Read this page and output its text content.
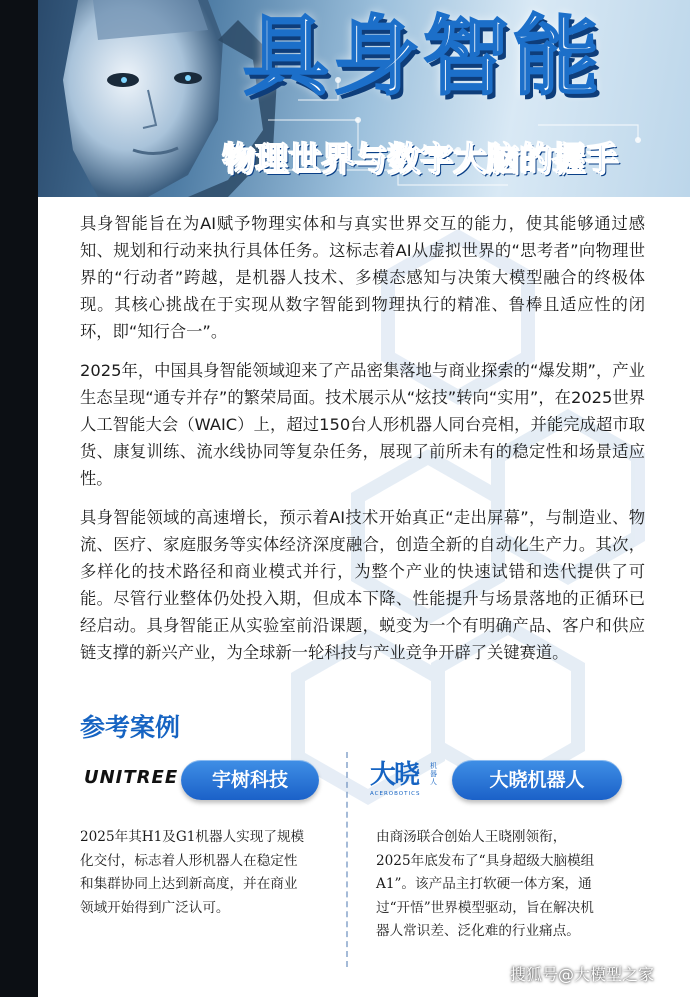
具身智能
物理世界与数字大脑的握手

具身智能旨在为AI赋予物理实体和与真实世界交互的能力，使其能够通过感知、规划和行动来执行具体任务。这标志着AI从虚拟世界的“思考者”向物理世界的“行动者”跨越，是机器人技术、多模态感知与决策大模型融合的终极体现。其核心挑战在于实现从数字智能到物理执行的精准、鲁棒且适应性的闭环，即“知行合一”。

2025年，中国具身智能领域迎来了产品密集落地与商业探索的“爆发期”，产业生态呈现“通专并存”的繁荣局面。技术展示从“炫技”转向“实用”，在2025世界人工智能大会（WAIC）上，超过150台人形机器人同台亮相，并能完成超市取货、康复训练、流水线协同等复杂任务，展现了前所未有的稳定性和场景适应性。

具身智能领域的高速增长，预示着AI技术开始真正“走出屏幕”，与制造业、物流、医疗、家庭服务等实体经济深度融合，创造全新的自动化生产力。其次，多样化的技术路径和商业模式并行，为整个产业的快速试错和迭代提供了可能。尽管行业整体仍处投入期，但成本下降、性能提升与场景落地的正循环已经启动。具身智能正从实验室前沿课题，蜕变为一个有明确产品、客户和供应链支撑的新兴产业，为全球新一轮科技与产业竞争开辟了关键赛道。

参考案例
UNITREE	宇树科技
2025年其H1及G1机器人实现了规模
化交付，标志着人形机器人在稳定性
和集群协同上达到新高度，并在商业
领域开始得到广泛认可。
大晓 机器人
ACEROBOTICS
大晓机器人
由商汤联合创始人王晓刚领衔，
2025年底发布了“具身超级大脑模组
A1”。该产品主打软硬一体方案，通
过“开悟”世界模型驱动，旨在解决机
器人常识差、泛化难的行业痛点。
搜狐号@大模型之家
